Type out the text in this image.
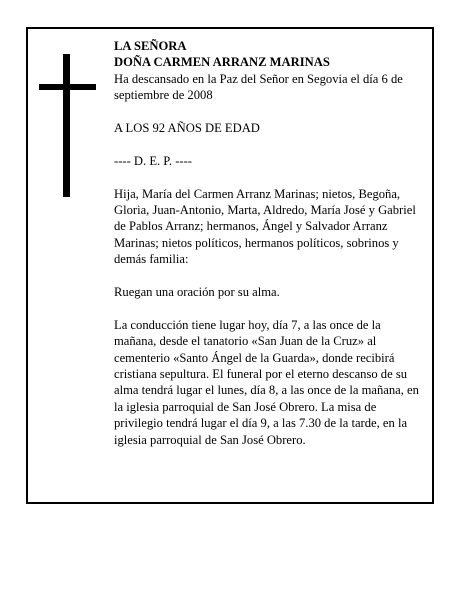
LA SEÑORA

DOÑA CARMEN ARRANZ MARINAS

Ha descansado en la Paz del Señor en Segovia el día 6 de septiembre de 2008

A LOS 92 AÑOS DE EDAD

---- D. E. P. ----

Hija, María del Carmen Arranz Marinas; nietos, Begoña, Gloria, Juan-Antonio, Marta, Aldredo, María José y Gabriel de Pablos Arranz; hermanos, Ángel y Salvador Arranz Marinas; nietos políticos, hermanos políticos, sobrinos y demás familia:

Ruegan una oración por su alma.

La conducción tiene lugar hoy, día 7, a las once de la mañana, desde el tanatorio «San Juan de la Cruz» al cementerio «Santo Ángel de la Guarda», donde recibirá cristiana sepultura. El funeral por el eterno descanso de su alma tendrá lugar el lunes, día 8, a las once de la mañana, en la iglesia parroquial de San José Obrero. La misa de privilegio tendrá lugar el día 9, a las 7.30 de la tarde, en la iglesia parroquial de San José Obrero.
